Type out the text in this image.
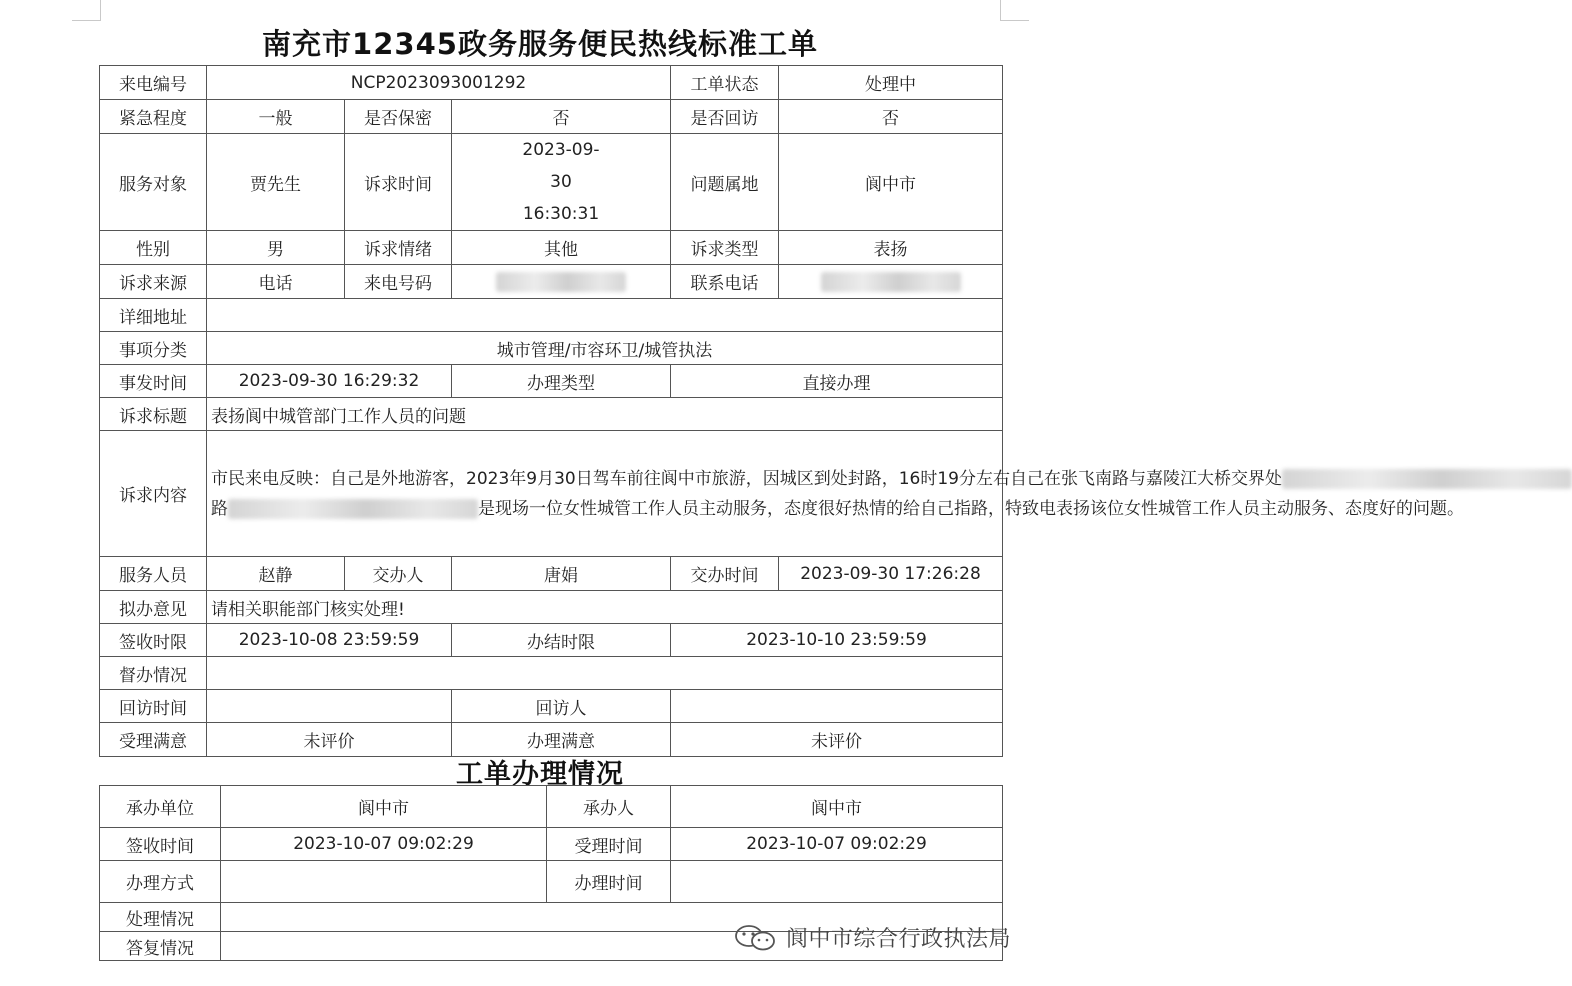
南充市12345政务服务便民热线标准工单
来电编号	NCP2023093001292			工单状态	处理中
紧急程度	一般	是否保密	否	是否回访	否
服务对象	贾先生	诉求时间	2023-09-30 16:30:31	问题属地	阆中市
性别	男	诉求情绪	其他	诉求类型	表扬
诉求来源	电话	来电号码		联系电话	
详细地址					
事项分类	城市管理/市容环卫/城管执法				
事发时间	2023-09-30 16:29:32		办理类型	直接办理	
诉求标题	表扬阆中城管部门工作人员的问题				
诉求内容	市民来电反映：自己是外地游客，2023年9月30日驾车前往阆中市旅游，因城区到处封路，16时19分左右自己在张飞南路与嘉陵江大桥交界处
路 是现场一位女性城管工作人员主动服务，态度很好热情的给自己指路，特致电表扬该位女性城管工作人员主动服务、态度好的问题。				
服务人员	赵静	交办人	唐娟	交办时间	2023-09-30 17:26:28
拟办意见	请相关职能部门核实处理!				
签收时限	2023-10-08 23:59:59		办结时限	2023-10-10 23:59:59	
督办情况					
回访时间			回访人		
受理满意	未评价		办理满意	未评价	
工单办理情况
承办单位	阆中市	承办人	阆中市
签收时间	2023-10-07 09:02:29	受理时间	2023-10-07 09:02:29
办理方式		办理时间	
处理情况			
答复情况				阆中市综合行政执法局
